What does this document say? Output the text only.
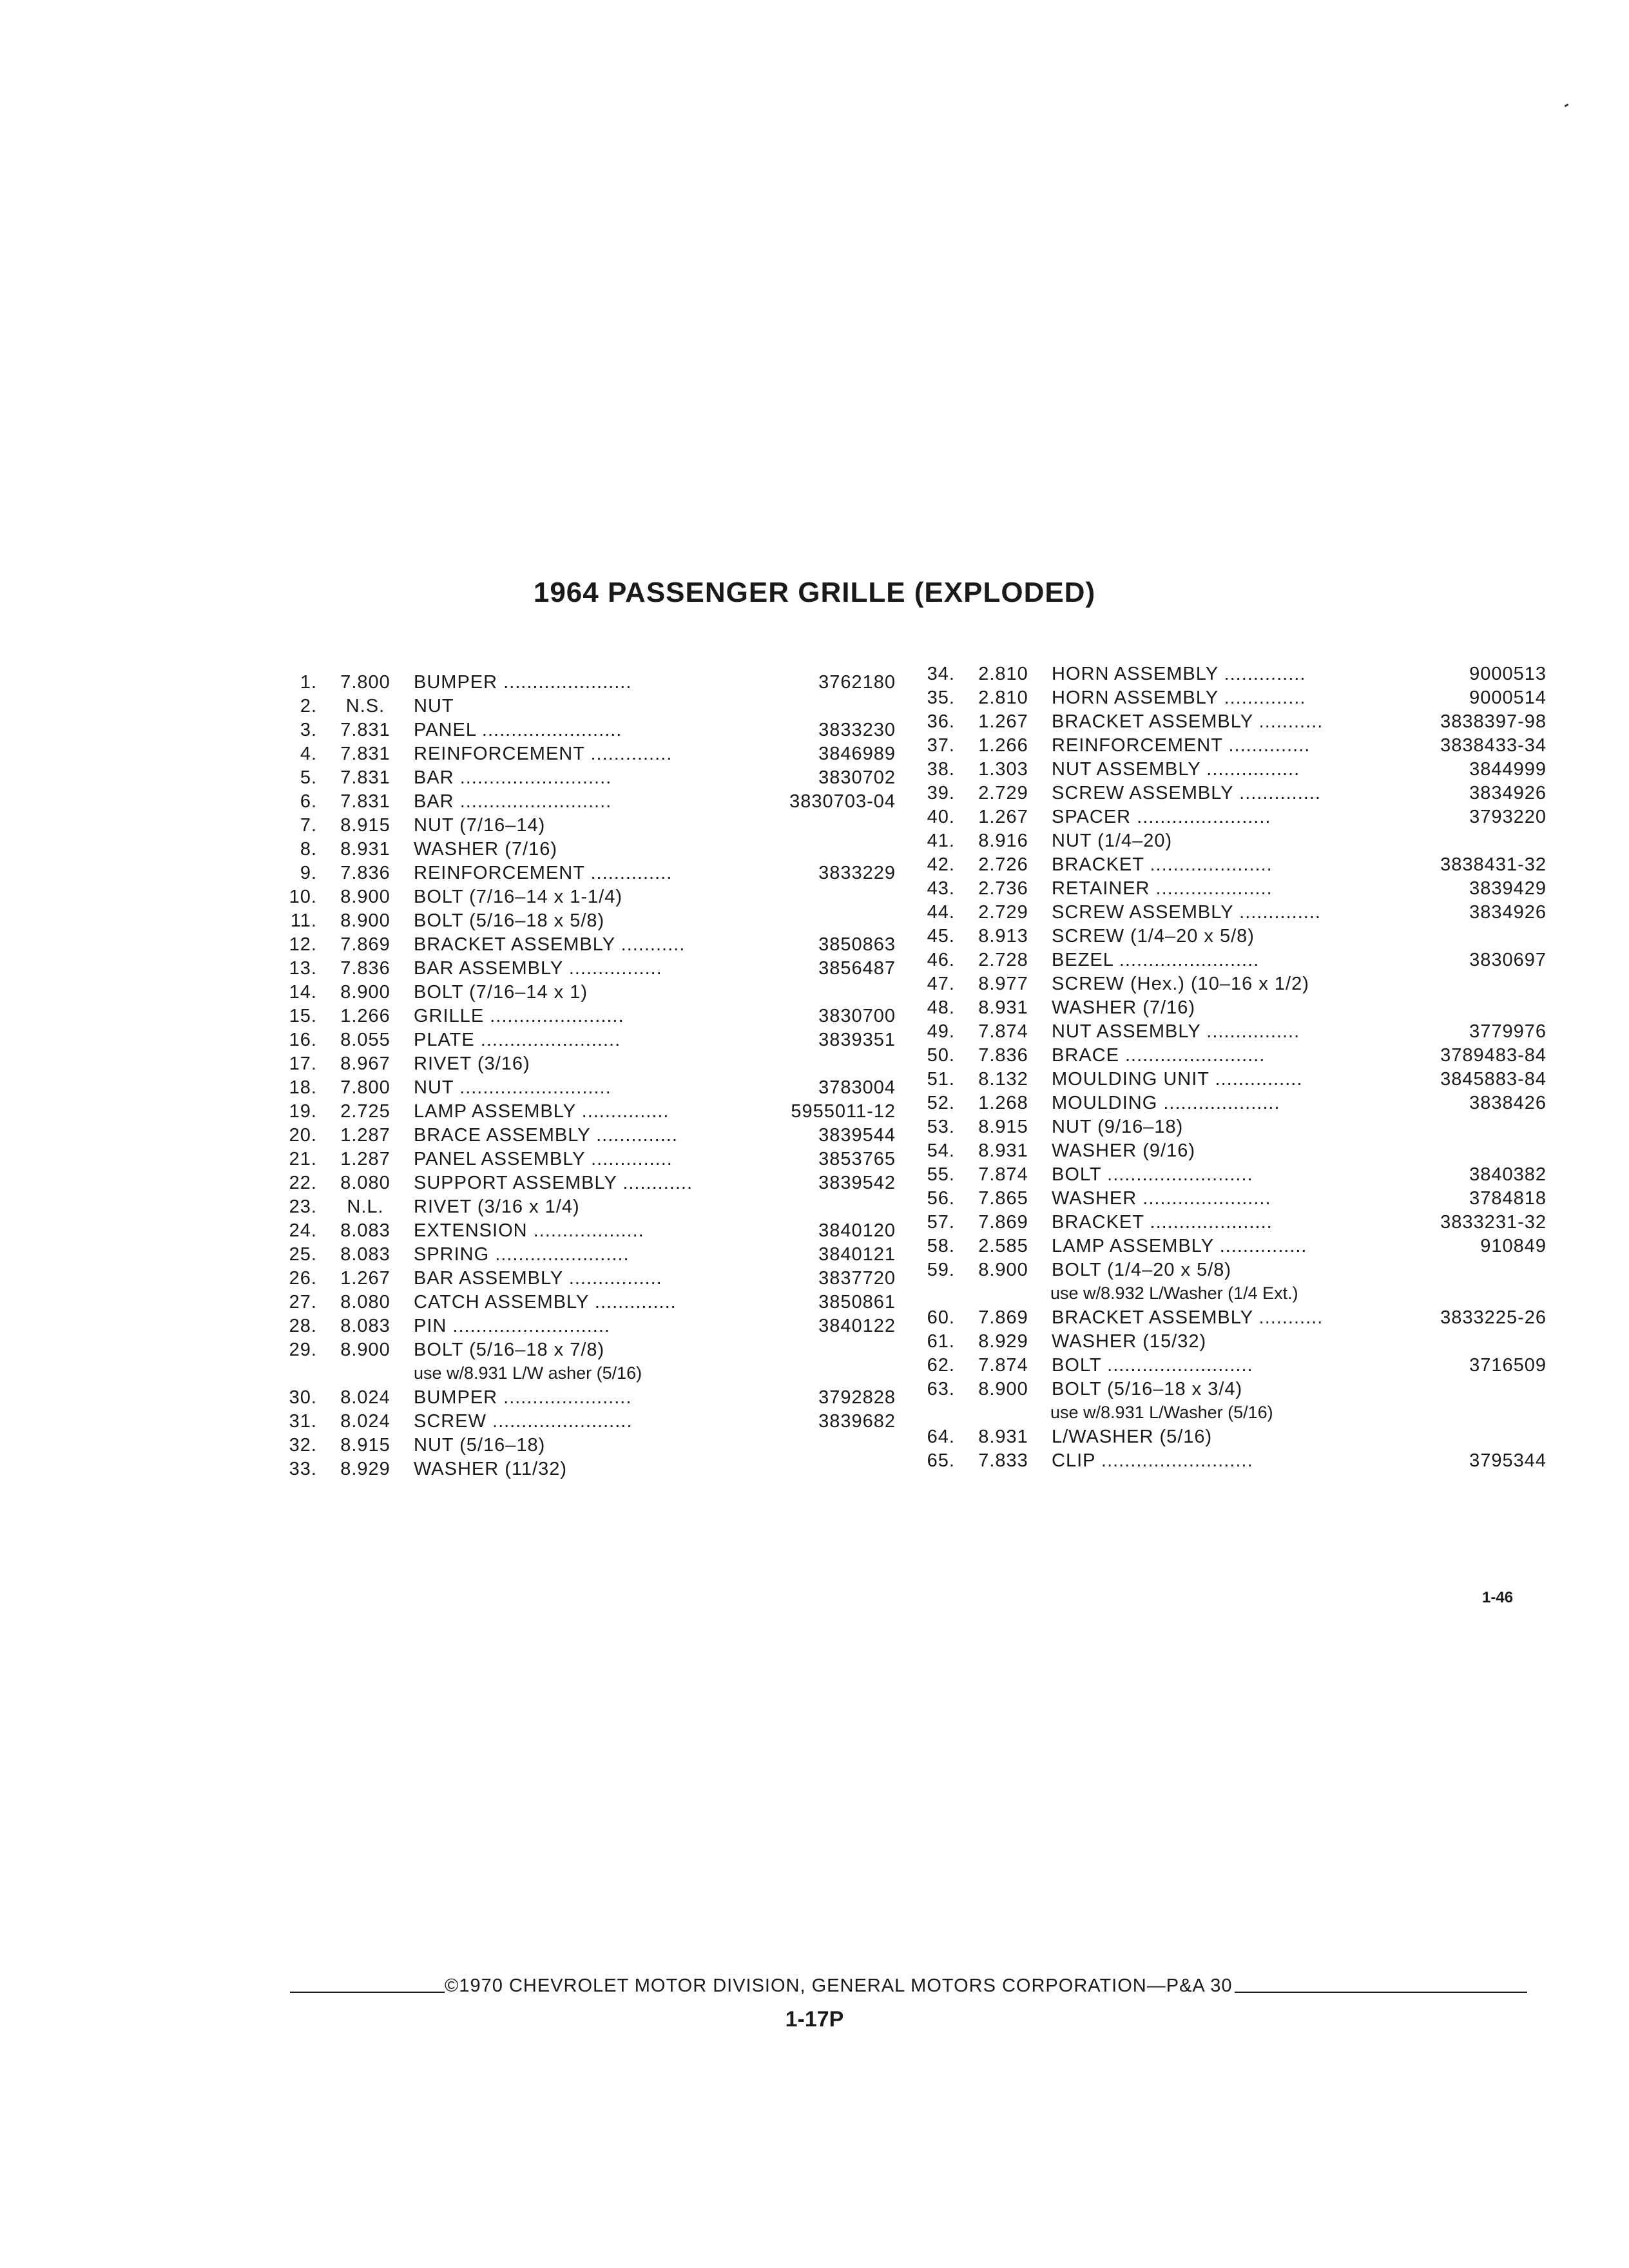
1964 PASSENGER GRILLE (EXPLODED)
1.	7.800	BUMPER ......................	3762180
2.	N.S.	NUT
3.	7.831	PANEL ........................	3833230
4.	7.831	REINFORCEMENT ..............	3846989
5.	7.831	BAR ..........................	3830702
6.	7.831	BAR ..........................	3830703-04
7.	8.915	NUT (7/16–14)
8.	8.931	WASHER (7/16)
9.	7.836	REINFORCEMENT ..............	3833229
10.	8.900	BOLT (7/16–14 x 1-1/4)
11.	8.900	BOLT (5/16–18 x 5/8)
12.	7.869	BRACKET ASSEMBLY ...........	3850863
13.	7.836	BAR ASSEMBLY ................	3856487
14.	8.900	BOLT (7/16–14 x 1)
15.	1.266	GRILLE .......................	3830700
16.	8.055	PLATE ........................	3839351
17.	8.967	RIVET (3/16)
18.	7.800	NUT ..........................	3783004
19.	2.725	LAMP ASSEMBLY ...............	5955011-12
20.	1.287	BRACE ASSEMBLY ..............	3839544
21.	1.287	PANEL ASSEMBLY ..............	3853765
22.	8.080	SUPPORT ASSEMBLY ............	3839542
23.	N.L.	RIVET (3/16 x 1/4)
24.	8.083	EXTENSION ...................	3840120
25.	8.083	SPRING .......................	3840121
26.	1.267	BAR ASSEMBLY ................	3837720
27.	8.080	CATCH ASSEMBLY ..............	3850861
28.	8.083	PIN ...........................	3840122
29.	8.900	BOLT (5/16–18 x 7/8)
use w/8.931 L/W asher (5/16)
30.	8.024	BUMPER ......................	3792828
31.	8.024	SCREW ........................	3839682
32.	8.915	NUT (5/16–18)
33.	8.929	WASHER (11/32)
34.	2.810	HORN ASSEMBLY ..............	9000513
35.	2.810	HORN ASSEMBLY ..............	9000514
36.	1.267	BRACKET ASSEMBLY ...........	3838397-98
37.	1.266	REINFORCEMENT ..............	3838433-34
38.	1.303	NUT ASSEMBLY ................	3844999
39.	2.729	SCREW ASSEMBLY ..............	3834926
40.	1.267	SPACER .......................	3793220
41.	8.916	NUT (1/4–20)
42.	2.726	BRACKET .....................	3838431-32
43.	2.736	RETAINER ....................	3839429
44.	2.729	SCREW ASSEMBLY ..............	3834926
45.	8.913	SCREW (1/4–20 x 5/8)
46.	2.728	BEZEL ........................	3830697
47.	8.977	SCREW (Hex.) (10–16 x 1/2)
48.	8.931	WASHER (7/16)
49.	7.874	NUT ASSEMBLY ................	3779976
50.	7.836	BRACE ........................	3789483-84
51.	8.132	MOULDING UNIT ...............	3845883-84
52.	1.268	MOULDING ....................	3838426
53.	8.915	NUT (9/16–18)
54.	8.931	WASHER (9/16)
55.	7.874	BOLT .........................	3840382
56.	7.865	WASHER ......................	3784818
57.	7.869	BRACKET .....................	3833231-32
58.	2.585	LAMP ASSEMBLY ...............	910849
59.	8.900	BOLT (1/4–20 x 5/8)
use w/8.932 L/Washer (1/4 Ext.)
60.	7.869	BRACKET ASSEMBLY ...........	3833225-26
61.	8.929	WASHER (15/32)
62.	7.874	BOLT .........................	3716509
63.	8.900	BOLT (5/16–18 x 3/4)
use w/8.931 L/Washer (5/16)
64.	8.931	L/WASHER (5/16)
65.	7.833	CLIP ..........................	3795344
1-46
©1970 CHEVROLET MOTOR DIVISION, GENERAL MOTORS CORPORATION—P&A 30
1-17P
